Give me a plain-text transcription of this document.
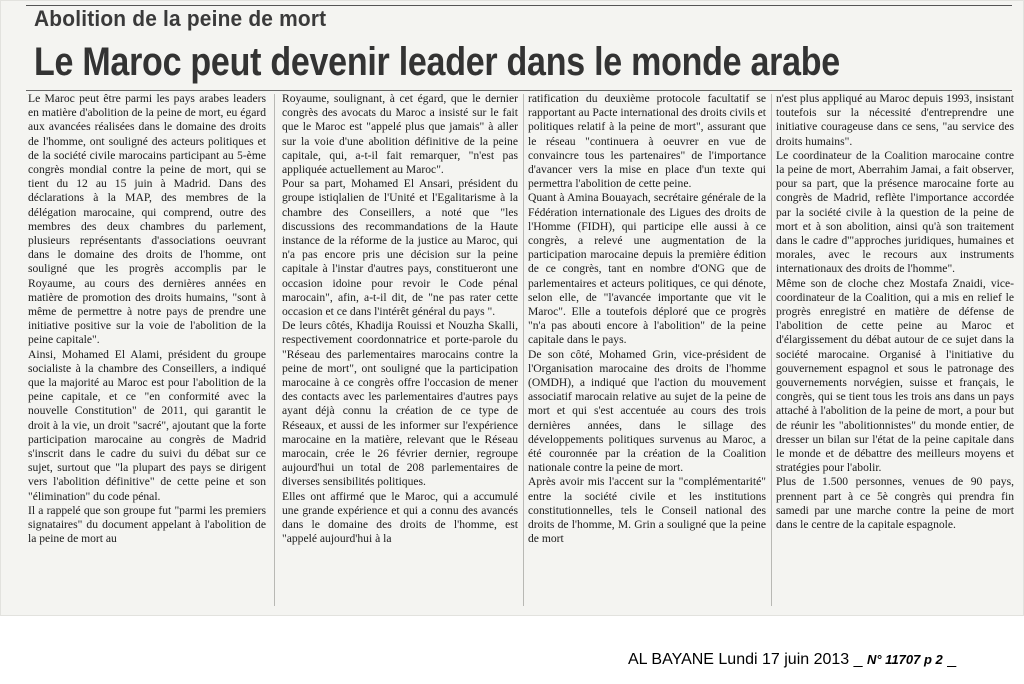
Abolition de la peine de mort
Le Maroc peut devenir leader dans le monde arabe

Le Maroc peut être parmi les pays arabes leaders en matière d'abolition de la peine de mort, eu égard aux avancées réalisées dans le domaine des droits de l'homme, ont souligné des acteurs politiques et de la société civile marocains participant au 5-ème congrès mondial contre la peine de mort, qui se tient du 12 au 15 juin à Madrid. Dans des déclarations à la MAP, des membres de la délégation marocaine, qui comprend, outre des membres des deux chambres du parlement, plusieurs représentants d'associations oeuvrant dans le domaine des droits de l'homme, ont souligné que les progrès accomplis par le Royaume, au cours des dernières années en matière de promotion des droits humains, "sont à même de permettre à notre pays de prendre une initiative positive sur la voie de l'abolition de la peine capitale".

Ainsi, Mohamed El Alami, président du groupe socialiste à la chambre des Conseillers, a indiqué que la majorité au Maroc est pour l'abolition de la peine capitale, et ce "en conformité avec la nouvelle Constitution" de 2011, qui garantit le droit à la vie, un droit "sacré", ajoutant que la forte participation marocaine au congrès de Madrid s'inscrit dans le cadre du suivi du débat sur ce sujet, surtout que "la plupart des pays se dirigent vers l'abolition définitive" de cette peine et son "élimination" du code pénal.

Il a rappelé que son groupe fut "parmi les premiers signataires" du document appelant à l'abolition de la peine de mort au

Royaume, soulignant, à cet égard, que le dernier congrès des avocats du Maroc a insisté sur le fait que le Maroc est "appelé plus que jamais" à aller sur la voie d'une abolition définitive de la peine capitale, qui, a-t-il fait remarquer, "n'est pas appliquée actuellement au Maroc".

Pour sa part, Mohamed El Ansari, président du groupe istiqlalien de l'Unité et l'Egalitarisme à la chambre des Conseillers, a noté que "les discussions des recommandations de la Haute instance de la réforme de la justice au Maroc, qui n'a pas encore pris une décision sur la peine capitale à l'instar d'autres pays, constitueront une occasion idoine pour revoir le Code pénal marocain", afin, a-t-il dit, de "ne pas rater cette occasion et ce dans l'intérêt général du pays ".

De leurs côtés, Khadija Rouissi et Nouzha Skalli, respectivement coordonnatrice et porte-parole du "Réseau des parlementaires marocains contre la peine de mort", ont souligné que la participation marocaine à ce congrès offre l'occasion de mener des contacts avec les parlementaires d'autres pays ayant déjà connu la création de ce type de Réseaux, et aussi de les informer sur l'expérience marocaine en la matière, relevant que le Réseau marocain, crée le 26 février dernier, regroupe aujourd'hui un total de 208 parlementaires de diverses sensibilités politiques.

Elles ont affirmé que le Maroc, qui a accumulé une grande expérience et qui a connu des avancés dans le domaine des droits de l'homme, est "appelé aujourd'hui à la

ratification du deuxième protocole facultatif se rapportant au Pacte international des droits civils et politiques relatif à la peine de mort", assurant que le réseau "continuera à oeuvrer en vue de convaincre tous les partenaires" de l'importance d'avancer vers la mise en place d'un texte qui permettra l'abolition de cette peine.

Quant à Amina Bouayach, secrétaire générale de la Fédération internationale des Ligues des droits de l'Homme (FIDH), qui participe elle aussi à ce congrès, a relevé une augmentation de la participation marocaine depuis la première édition de ce congrès, tant en nombre d'ONG que de parlementaires et acteurs politiques, ce qui dénote, selon elle, de "l'avancée importante que vit le Maroc". Elle a toutefois déploré que ce progrès "n'a pas abouti encore à l'abolition" de la peine capitale dans le pays.

De son côté, Mohamed Grin, vice-président de l'Organisation marocaine des droits de l'homme (OMDH), a indiqué que l'action du mouvement associatif marocain relative au sujet de la peine de mort et qui s'est accentuée au cours des trois dernières années, dans le sillage des développements politiques survenus au Maroc, a été couronnée par la création de la Coalition nationale contre la peine de mort.

Après avoir mis l'accent sur la "complémentarité" entre la société civile et les institutions constitutionnelles, tels le Conseil national des droits de l'homme, M. Grin a souligné que la peine de mort

n'est plus appliqué au Maroc depuis 1993, insistant toutefois sur la nécessité d'entreprendre une initiative courageuse dans ce sens, "au service des droits humains".

Le coordinateur de la Coalition marocaine contre la peine de mort, Aberrahim Jamai, a fait observer, pour sa part, que la présence marocaine forte au congrès de Madrid, reflète l'importance accordée par la société civile à la question de la peine de mort et à son abolition, ainsi qu'à son traitement dans le cadre d'"approches juridiques, humaines et morales, avec le recours aux instruments internationaux des droits de l'homme".

Même son de cloche chez Mostafa Znaidi, vice-coordinateur de la Coalition, qui a mis en relief le progrès enregistré en matière de défense de l'abolition de cette peine au Maroc et d'élargissement du débat autour de ce sujet dans la société marocaine. Organisé à l'initiative du gouvernement espagnol et sous le patronage des gouvernements norvégien, suisse et français, le congrès, qui se tient tous les trois ans dans un pays attaché à l'abolition de la peine de mort, a pour but de réunir les "abolitionnistes" du monde entier, de dresser un bilan sur l'état de la peine capitale dans le monde et de débattre des meilleurs moyens et stratégies pour l'abolir.

Plus de 1.500 personnes, venues de 90 pays, prennent part à ce 5è congrès qui prendra fin samedi par une marche contre la peine de mort dans le centre de la capitale espagnole.

AL BAYANE Lundi 17 juin 2013 _ N° 11707 p 2 _
